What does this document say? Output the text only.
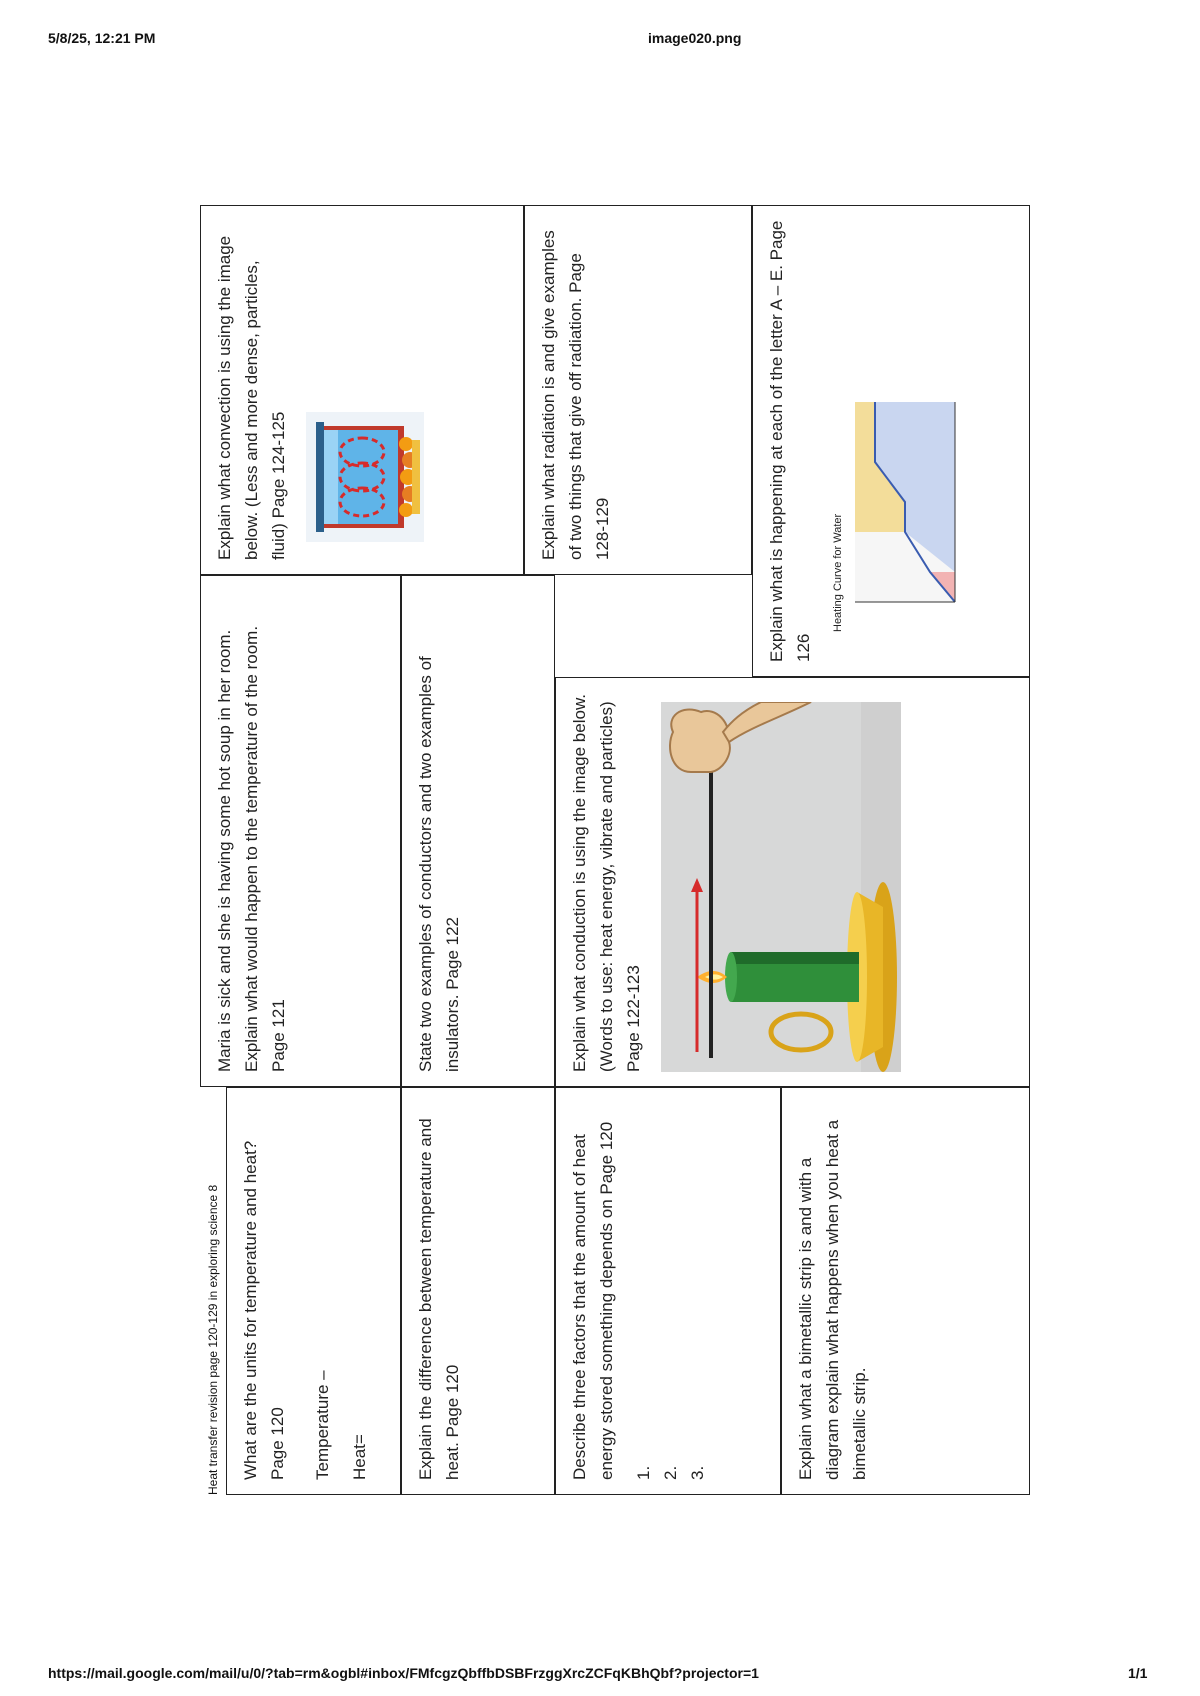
5/8/25, 12:21 PM	image020.png
Heat transfer revision page 120-129 in exploring science 8	What are the units for temperature and heat? Page 120 Temperature – Heat=	Explain the difference between temperature and heat. Page 120	Describe three factors that the amount of heat energy stored something depends on Page 120 1. 2. 3.	Explain what a bimetallic strip is and with a diagram explain what happens when you heat a bimetallic strip.

Maria is sick and she is having some hot soup in her room. Explain what would happen to the temperature of the room. Page 121	State two examples of conductors and two examples of insulators. Page 122	Explain what conduction is using the image below. (Words to use: heat energy, vibrate and particles) Page 122-123

Explain what convection is using the image below. (Less and more dense, particles, fluid) Page 124-125	Explain what radiation is and give examples of two things that give off radiation. Page 128-129	Explain what is happening at each of the letter A – E. Page 126

Heating Curve for Water
https://mail.google.com/mail/u/0/?tab=rm&ogbl#inbox/FMfcgzQbffbDSBFrzggXrcZCFqKBhQbf?projector=1	1/1
